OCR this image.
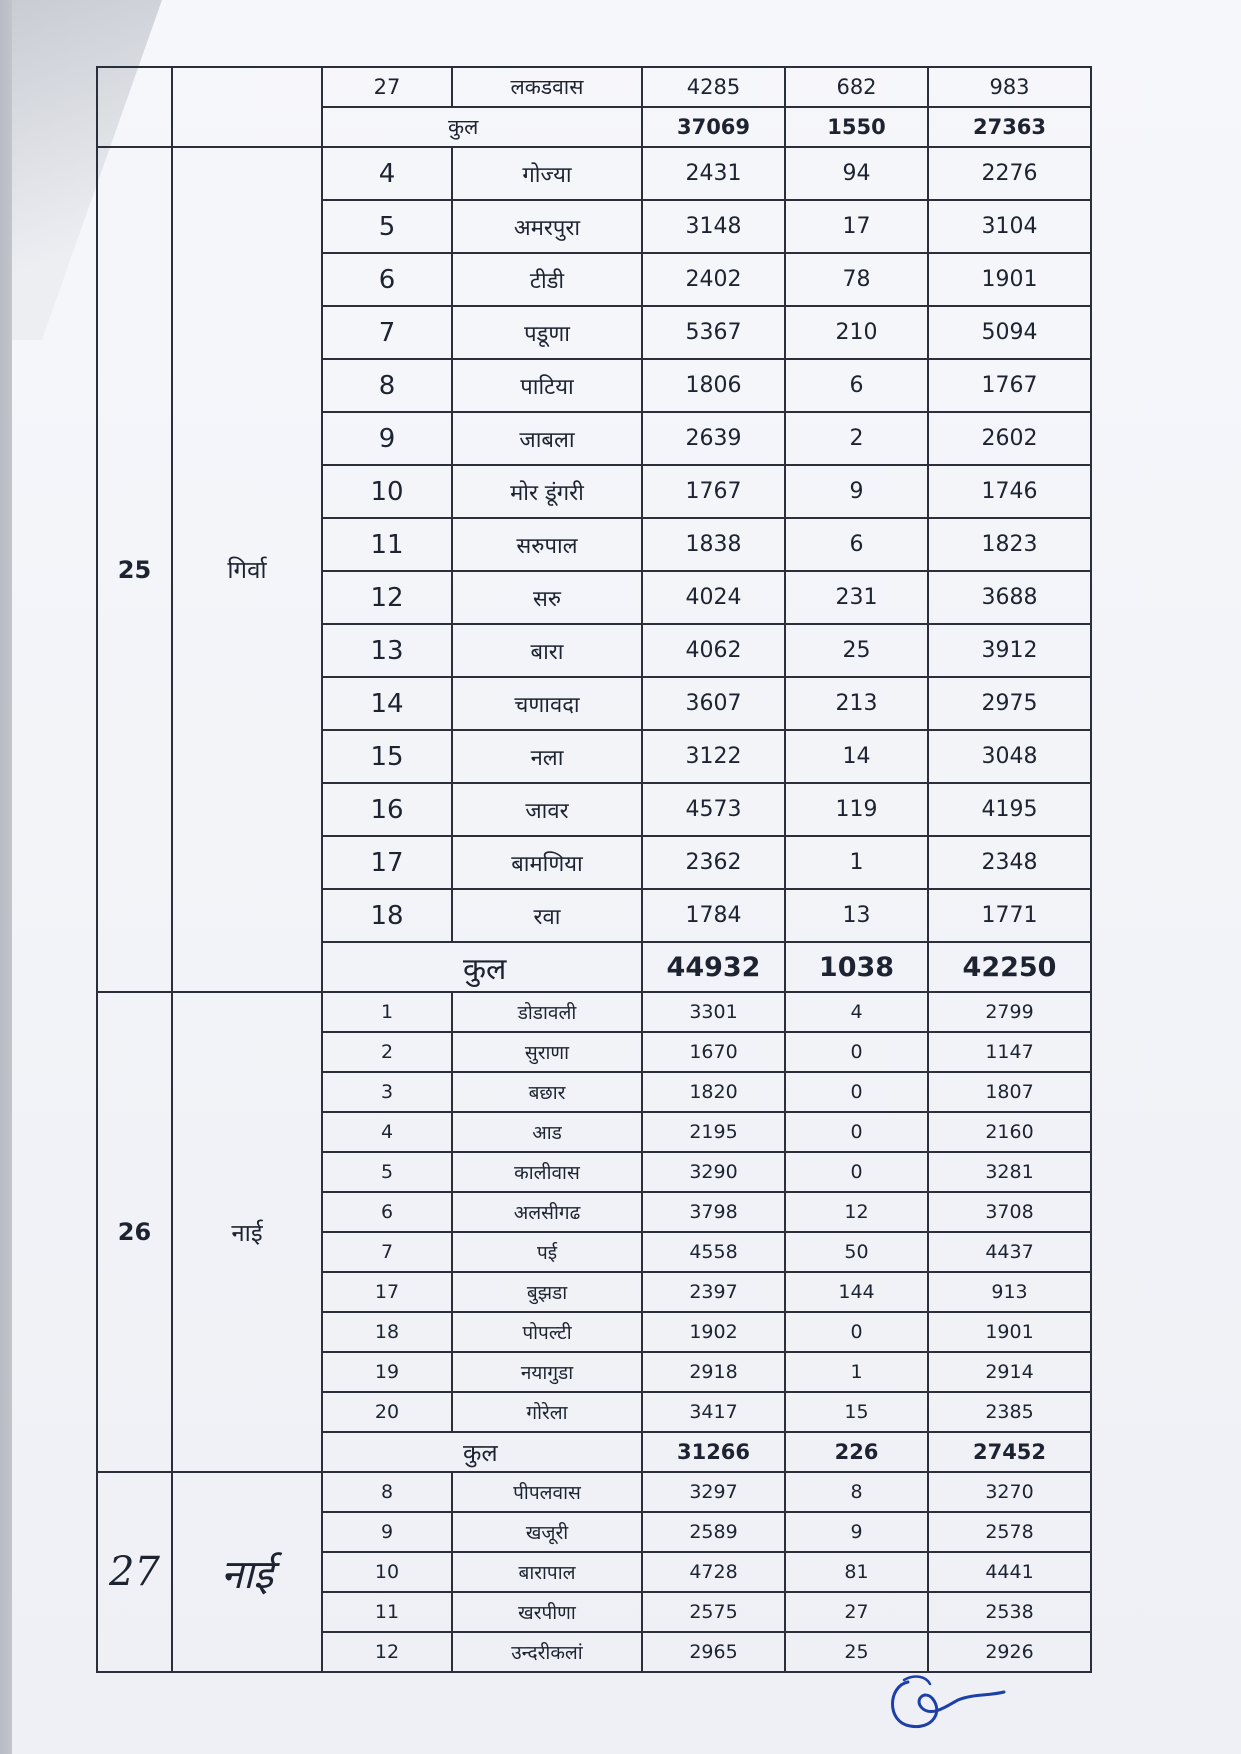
		27	लकडवास	4285	682	983
		कुल		37069	1550	27363
25	गिर्वा	4	गोज्या	2431	94	2276
		5	अमरपुरा	3148	17	3104
		6	टीडी	2402	78	1901
		7	पडूणा	5367	210	5094
		8	पाटिया	1806	6	1767
		9	जाबला	2639	2	2602
		10	मोर डूंगरी	1767	9	1746
		11	सरुपाल	1838	6	1823
		12	सरु	4024	231	3688
		13	बारा	4062	25	3912
		14	चणावदा	3607	213	2975
		15	नला	3122	14	3048
		16	जावर	4573	119	4195
		17	बामणिया	2362	1	2348
		18	रवा	1784	13	1771
		कुल		44932	1038	42250
26	नाई	1	डोडावली	3301	4	2799
		2	सुराणा	1670	0	1147
		3	बछार	1820	0	1807
		4	आड	2195	0	2160
		5	कालीवास	3290	0	3281
		6	अलसीगढ	3798	12	3708
		7	पई	4558	50	4437
		17	बुझडा	2397	144	913
		18	पोपल्टी	1902	0	1901
		19	नयागुडा	2918	1	2914
		20	गोरेला	3417	15	2385
		कुल		31266	226	27452
27	नाई	8	पीपलवास	3297	8	3270
		9	खजूरी	2589	9	2578
		10	बारापाल	4728	81	4441
		11	खरपीणा	2575	27	2538
		12	उन्दरीकलां	2965	25	2926
